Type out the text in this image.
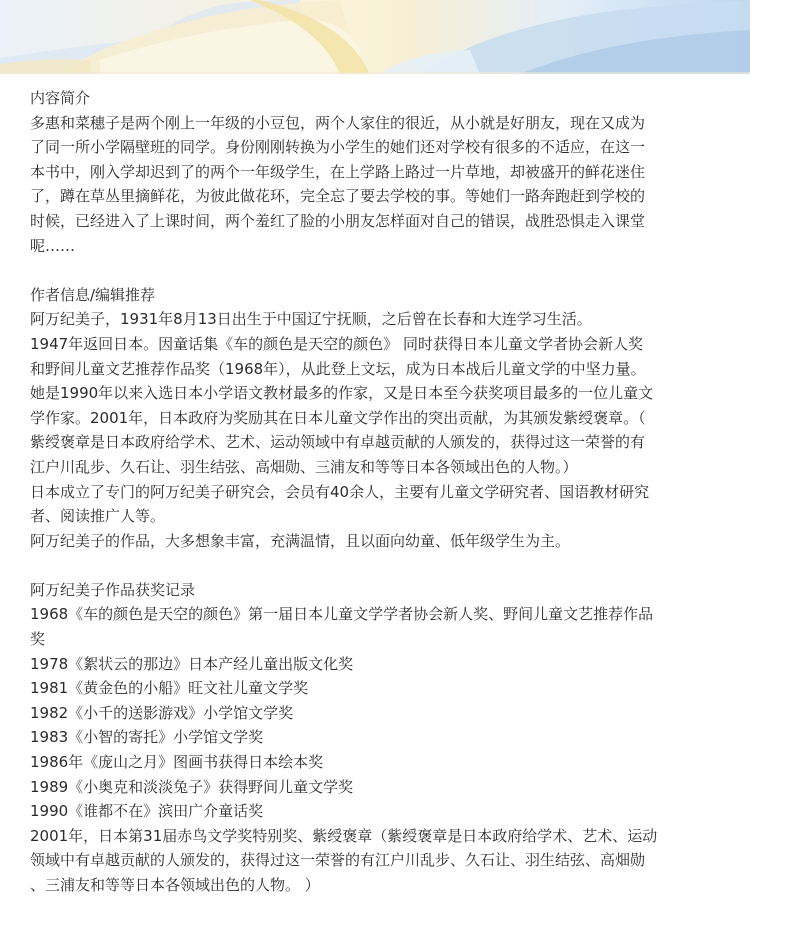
内容简介

多惠和菜穗子是两个刚上一年级的小豆包，两个人家住的很近，从小就是好朋友，现在又成为

了同一所小学隔壁班的同学。身份刚刚转换为小学生的她们还对学校有很多的不适应，在这一

本书中，刚入学却迟到了的两个一年级学生，在上学路上路过一片草地，却被盛开的鲜花迷住

了，蹲在草丛里摘鲜花，为彼此做花环，完全忘了要去学校的事。等她们一路奔跑赶到学校的

时候，已经进入了上课时间，两个羞红了脸的小朋友怎样面对自己的错误，战胜恐惧走入课堂

呢……

作者信息/编辑推荐

阿万纪美子，1931年8月13日出生于中国辽宁抚顺，之后曾在长春和大连学习生活。

1947年返回日本。因童话集《车的颜色是天空的颜色》 同时获得日本儿童文学者协会新人奖

和野间儿童文艺推荐作品奖（1968年），从此登上文坛，成为日本战后儿童文学的中坚力量。

她是1990年以来入选日本小学语文教材最多的作家，又是日本至今获奖项目最多的一位儿童文

学作家。2001年，日本政府为奖励其在日本儿童文学作出的突出贡献，为其颁发紫绶褒章。（

紫绶褒章是日本政府给学术、艺术、运动领域中有卓越贡献的人颁发的，获得过这一荣誉的有

江户川乱步、久石让、羽生结弦、高畑勋、三浦友和等等日本各领域出色的人物。）

日本成立了专门的阿万纪美子研究会，会员有40余人，主要有儿童文学研究者、国语教材研究

者、阅读推广人等。

阿万纪美子的作品，大多想象丰富，充满温情，且以面向幼童、低年级学生为主。

阿万纪美子作品获奖记录

1968《车的颜色是天空的颜色》第一届日本儿童文学学者协会新人奖、野间儿童文艺推荐作品

奖

1978《絮状云的那边》日本产经儿童出版文化奖

1981《黄金色的小船》旺文社儿童文学奖

1982《小千的送影游戏》小学馆文学奖

1983《小智的寄托》小学馆文学奖

1986年《庞山之月》图画书获得日本绘本奖

1989《小奥克和淡淡兔子》获得野间儿童文学奖

1990《谁都不在》滨田广介童话奖

2001年，日本第31届赤鸟文学奖特别奖、紫绶褒章（紫绶褒章是日本政府给学术、艺术、运动

领域中有卓越贡献的人颁发的，获得过这一荣誉的有江户川乱步、久石让、羽生结弦、高畑勋

、三浦友和等等日本各领域出色的人物。 ）
